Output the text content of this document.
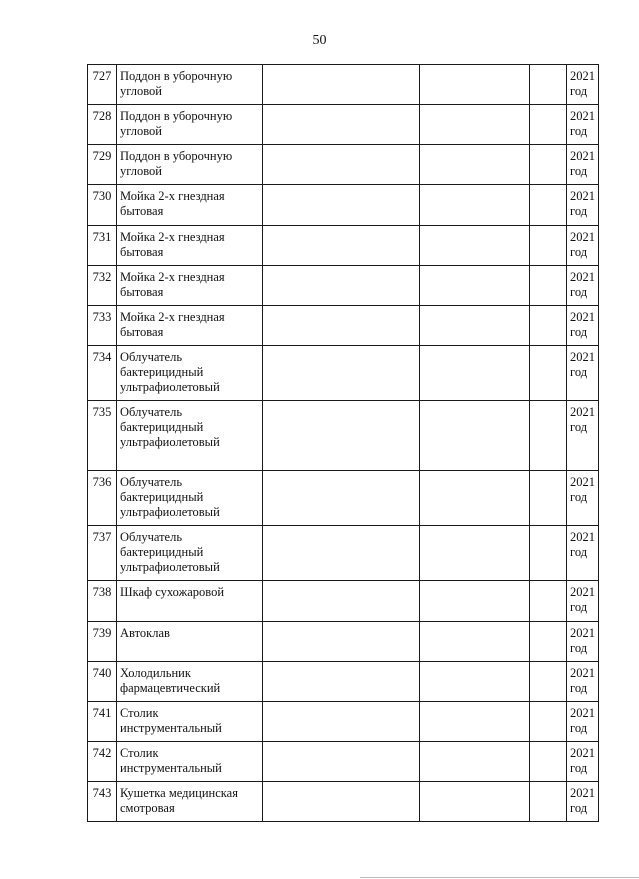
50
727	Поддон в уборочную угловой				2021 год
728	Поддон в уборочную угловой				2021 год
729	Поддон в уборочную угловой				2021 год
730	Мойка 2-х гнездная бытовая				2021 год
731	Мойка 2-х гнездная бытовая				2021 год
732	Мойка 2-х гнездная бытовая				2021 год
733	Мойка 2-х гнездная бытовая				2021 год
734	Облучатель бактерицидный ультрафиолетовый				2021 год
735	Облучатель бактерицидный ультрафиолетовый				2021 год
736	Облучатель бактерицидный ультрафиолетовый				2021 год
737	Облучатель бактерицидный ультрафиолетовый				2021 год
738	Шкаф сухожаровой				2021 год
739	Автоклав				2021 год
740	Холодильник фармацевтический				2021 год
741	Столик инструментальный				2021 год
742	Столик инструментальный				2021 год
743	Кушетка медицинская смотровая				2021 год
